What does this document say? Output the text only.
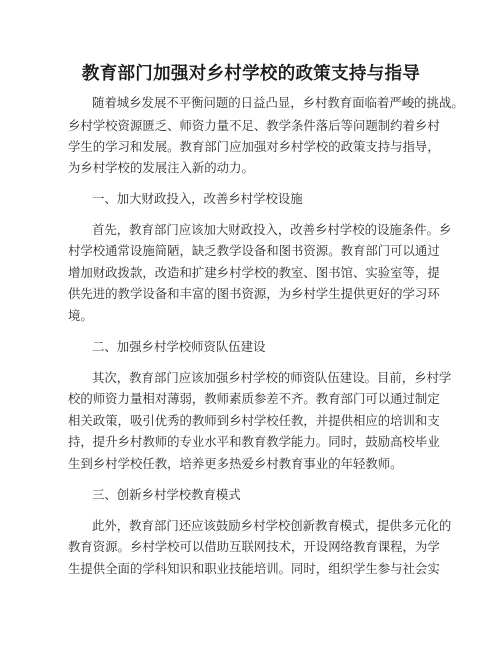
教育部门加强对乡村学校的政策支持与指导
随着城乡发展不平衡问题的日益凸显，乡村教育面临着严峻的挑战。
乡村学校资源匮乏、师资力量不足、教学条件落后等问题制约着乡村
学生的学习和发展。教育部门应加强对乡村学校的政策支持与指导，
为乡村学校的发展注入新的动力。
一、加大财政投入，改善乡村学校设施
首先，教育部门应该加大财政投入，改善乡村学校的设施条件。乡
村学校通常设施简陋，缺乏教学设备和图书资源。教育部门可以通过
增加财政拨款，改造和扩建乡村学校的教室、图书馆、实验室等，提
供先进的教学设备和丰富的图书资源，为乡村学生提供更好的学习环
境。
二、加强乡村学校师资队伍建设
其次，教育部门应该加强乡村学校的师资队伍建设。目前，乡村学
校的师资力量相对薄弱，教师素质参差不齐。教育部门可以通过制定
相关政策，吸引优秀的教师到乡村学校任教，并提供相应的培训和支
持，提升乡村教师的专业水平和教育教学能力。同时，鼓励高校毕业
生到乡村学校任教，培养更多热爱乡村教育事业的年轻教师。
三、创新乡村学校教育模式
此外，教育部门还应该鼓励乡村学校创新教育模式，提供多元化的
教育资源。乡村学校可以借助互联网技术，开设网络教育课程，为学
生提供全面的学科知识和职业技能培训。同时，组织学生参与社会实
